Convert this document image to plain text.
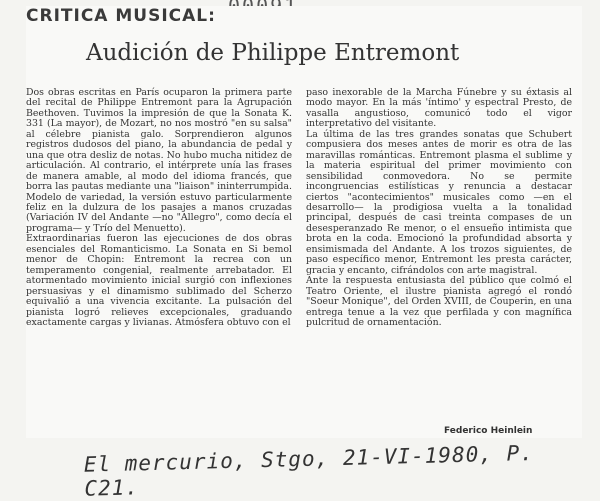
CRITICA MUSICAL:
Audición de Philippe Entremont

Dos obras escritas en París ocuparon la primera parte del recital de Philippe Entremont para la Agrupación Beethoven. Tuvimos la impresión de que la Sonata K. 331 (La mayor), de Mozart, no nos mostró "en su salsa" al célebre pianista galo. Sorprendieron algunos registros dudosos del piano, la abundancia de pedal y una que otra desliz de notas. No hubo mucha nitidez de articulación. Al contrario, el intérprete unía las frases de manera amable, al modo del idioma francés, que borra las pautas mediante una "liaison" ininterrumpida. Modelo de variedad, la versión estuvo particularmente feliz en la dulzura de los pasajes a manos cruzadas (Variación IV del Andante —no "Allegro", como decía el programa— y Trío del Menuetto).

Extraordinarias fueron las ejecuciones de dos obras esenciales del Romanticismo. La Sonata en Si bemol menor de Chopin: Entremont la recrea con un temperamento congenial, realmente arrebatador. El atormentado movimiento inicial surgió con inflexiones persuasivas y el dinamismo sublimado del Scherzo equivalió a una vivencia excitante. La pulsación del pianista logró relieves excepcionales, graduando exactamente cargas y livianas. Atmósfera obtuvo con el

paso inexorable de la Marcha Fúnebre y su éxtasis al modo mayor. En la más 'íntimo' y espectral Presto, de vasalla angustioso, comunicó todo el vigor interpretativo del visitante.

La última de las tres grandes sonatas que Schubert compusiera dos meses antes de morir es otra de las maravillas románticas. Entremont plasma el sublime y la materia espiritual del primer movimiento con sensibilidad conmovedora. No se permite incongruencias estilísticas y renuncia a destacar ciertos "acontecimientos" musicales como —en el desarrollo— la prodigiosa vuelta a la tonalidad principal, después de casi treinta compases de un desesperanzado Re menor, o el ensueño intimista que brota en la coda. Emocionó la profundidad absorta y ensimismada del Andante. A los trozos siguientes, de paso específico menor, Entremont les presta carácter, gracia y encanto, cifrándolos con arte magistral.

Ante la respuesta entusiasta del público que colmó el Teatro Oriente, el ilustre pianista agregó el rondó "Soeur Monique", del Orden XVIII, de Couperin, en una entrega tenue a la vez que perfilada y con magnífica pulcritud de ornamentación.

Federico Heinlein
El mercurio, Stgo, 21-VI-1980, P. C21.
